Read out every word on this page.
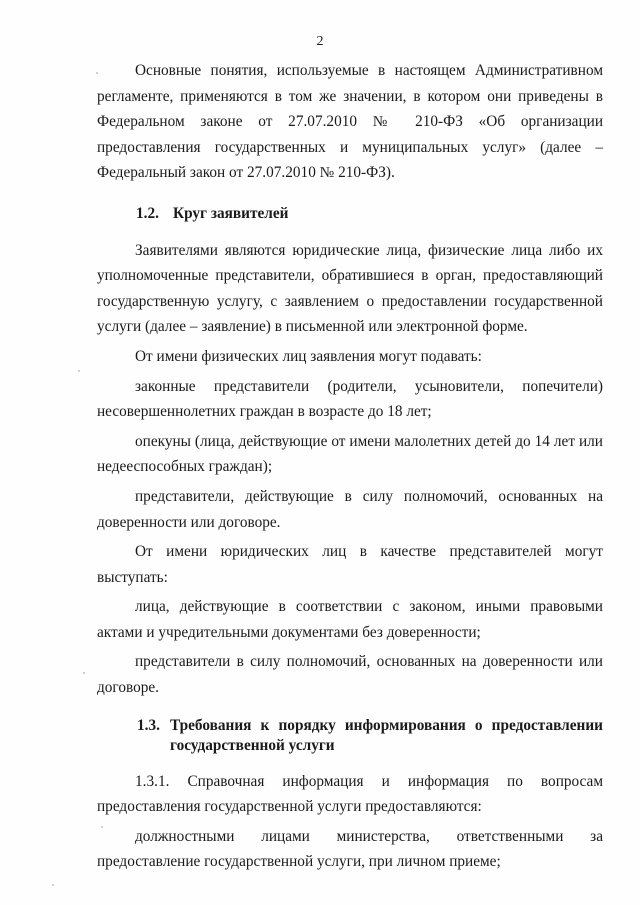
2

Основные понятия, используемые в настоящем Административном регламенте, применяются в том же значении, в котором они приведены в Федеральном законе от 27.07.2010 № 210-ФЗ «Об организации предоставления государственных и муниципальных услуг» (далее – Федеральный закон от 27.07.2010 № 210-ФЗ).

1.2. Круг заявителей

Заявителями являются юридические лица, физические лица либо их уполномоченные представители, обратившиеся в орган, предоставляющий государственную услугу, с заявлением о предоставлении государственной услуги (далее – заявление) в письменной или электронной форме.

От имени физических лиц заявления могут подавать:

законные представители (родители, усыновители, попечители) несовершеннолетних граждан в возрасте до 18 лет;

опекуны (лица, действующие от имени малолетних детей до 14 лет или недееспособных граждан);

представители, действующие в силу полномочий, основанных на доверенности или договоре.

От имени юридических лиц в качестве представителей могут выступать:

лица, действующие в соответствии с законом, иными правовыми актами и учредительными документами без доверенности;

представители в силу полномочий, основанных на доверенности или договоре.

1.3. Требования к порядку информирования о предоставлении государственной услуги

1.3.1. Справочная информация и информация по вопросам предоставления государственной услуги предоставляются:

должностными лицами министерства, ответственными за предоставление государственной услуги, при личном приеме;
